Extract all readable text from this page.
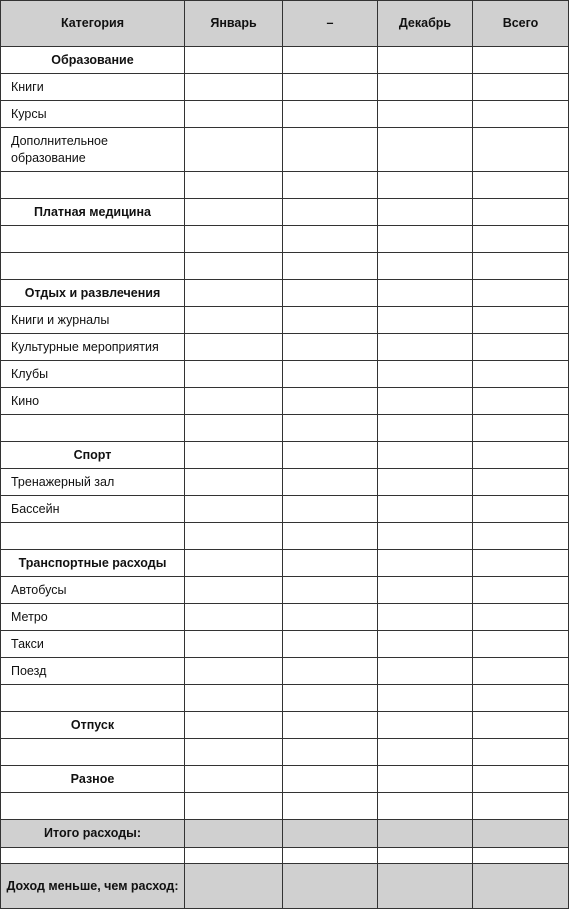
Категория	Январь	–	Декабрь	Всего
Образование				
Книги				
Курсы				
Дополнительное образование				

Платная медицина				

Отдых и развлечения				
Книги и журналы				
Культурные мероприятия				
Клубы				
Кино				

Спорт				
Тренажерный зал				
Бассейн				

Транспортные расходы				
Автобусы				
Метро				
Такси				
Поезд				

Отпуск				

Разное				

Итого расходы:				

Доход меньше, чем расход:				
